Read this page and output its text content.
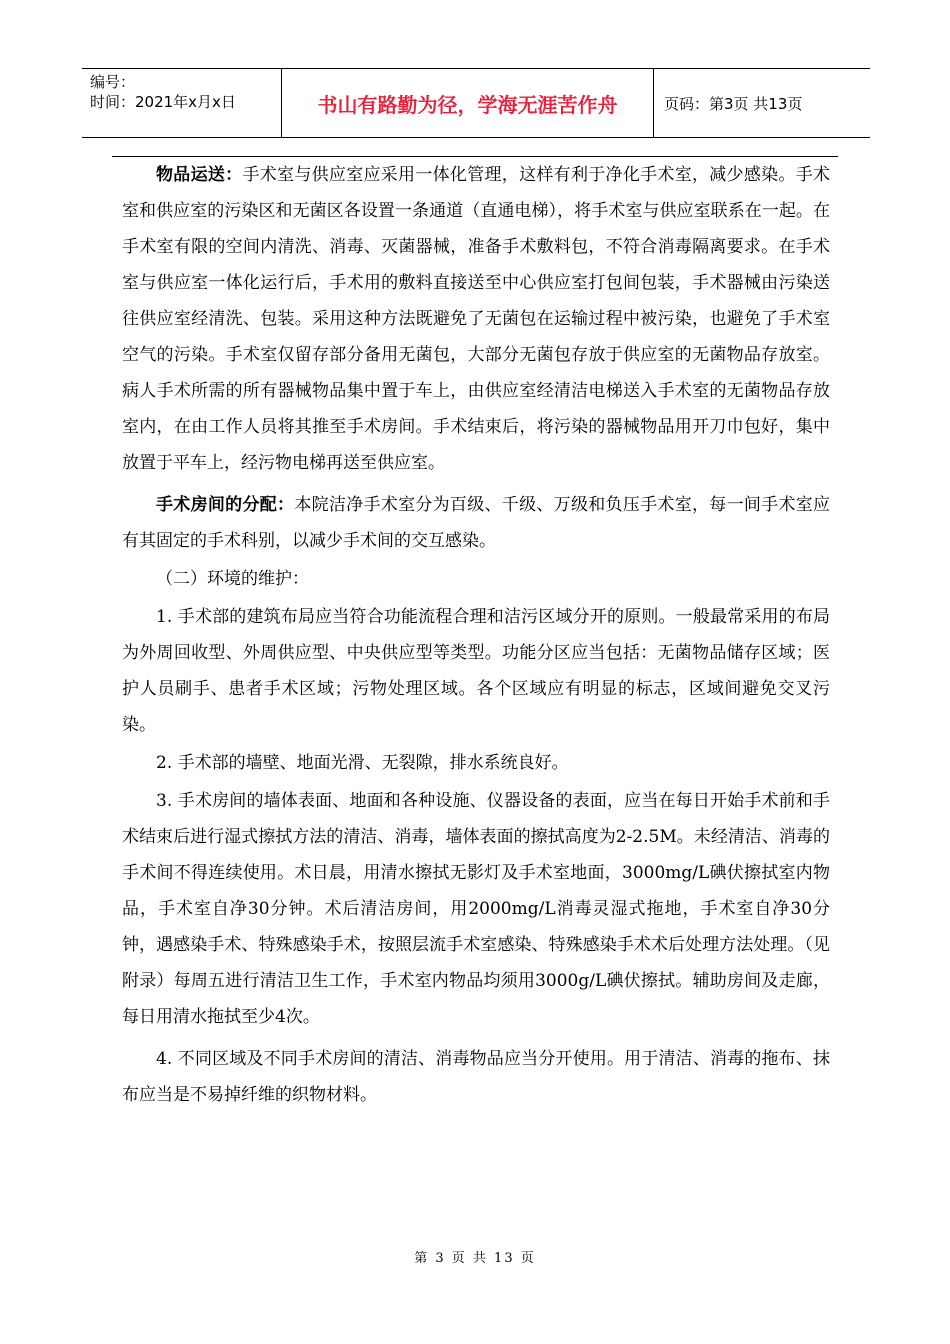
编号：
时间：2021年x月x日	书山有路勤为径，学海无涯苦作舟	页码：第3页 共13页

物品运送：手术室与供应室应采用一体化管理，这样有利于净化手术室，减少感染。手术室和供应室的污染区和无菌区各设置一条通道（直通电梯），将手术室与供应室联系在一起。在手术室有限的空间内清洗、消毒、灭菌器械，准备手术敷料包，不符合消毒隔离要求。在手术室与供应室一体化运行后，手术用的敷料直接送至中心供应室打包间包装，手术器械由污染送往供应室经清洗、包装。采用这种方法既避免了无菌包在运输过程中被污染，也避免了手术室空气的污染。手术室仅留存部分备用无菌包，大部分无菌包存放于供应室的无菌物品存放室。病人手术所需的所有器械物品集中置于车上，由供应室经清洁电梯送入手术室的无菌物品存放室内，在由工作人员将其推至手术房间。手术结束后，将污染的器械物品用开刀巾包好，集中放置于平车上，经污物电梯再送至供应室。

手术房间的分配：本院洁净手术室分为百级、千级、万级和负压手术室，每一间手术室应有其固定的手术科别，以减少手术间的交互感染。

（二）环境的维护：

1. 手术部的建筑布局应当符合功能流程合理和洁污区域分开的原则。一般最常采用的布局为外周回收型、外周供应型、中央供应型等类型。功能分区应当包括：无菌物品储存区域；医护人员刷手、患者手术区域；污物处理区域。各个区域应有明显的标志，区域间避免交叉污染。

2. 手术部的墙壁、地面光滑、无裂隙，排水系统良好。

3. 手术房间的墙体表面、地面和各种设施、仪器设备的表面，应当在每日开始手术前和手术结束后进行湿式擦拭方法的清洁、消毒，墙体表面的擦拭高度为2-2.5M。未经清洁、消毒的手术间不得连续使用。术日晨，用清水擦拭无影灯及手术室地面，3000mg/L碘伏擦拭室内物品，手术室自净30分钟。术后清洁房间，用2000mg/L消毒灵湿式拖地，手术室自净30分钟，遇感染手术、特殊感染手术，按照层流手术室感染、特殊感染手术术后处理方法处理。（见附录）每周五进行清洁卫生工作，手术室内物品均须用3000g/L碘伏擦拭。辅助房间及走廊，每日用清水拖拭至少4次。

4. 不同区域及不同手术房间的清洁、消毒物品应当分开使用。用于清洁、消毒的拖布、抹布应当是不易掉纤维的织物材料。

第 3 页 共 13 页
